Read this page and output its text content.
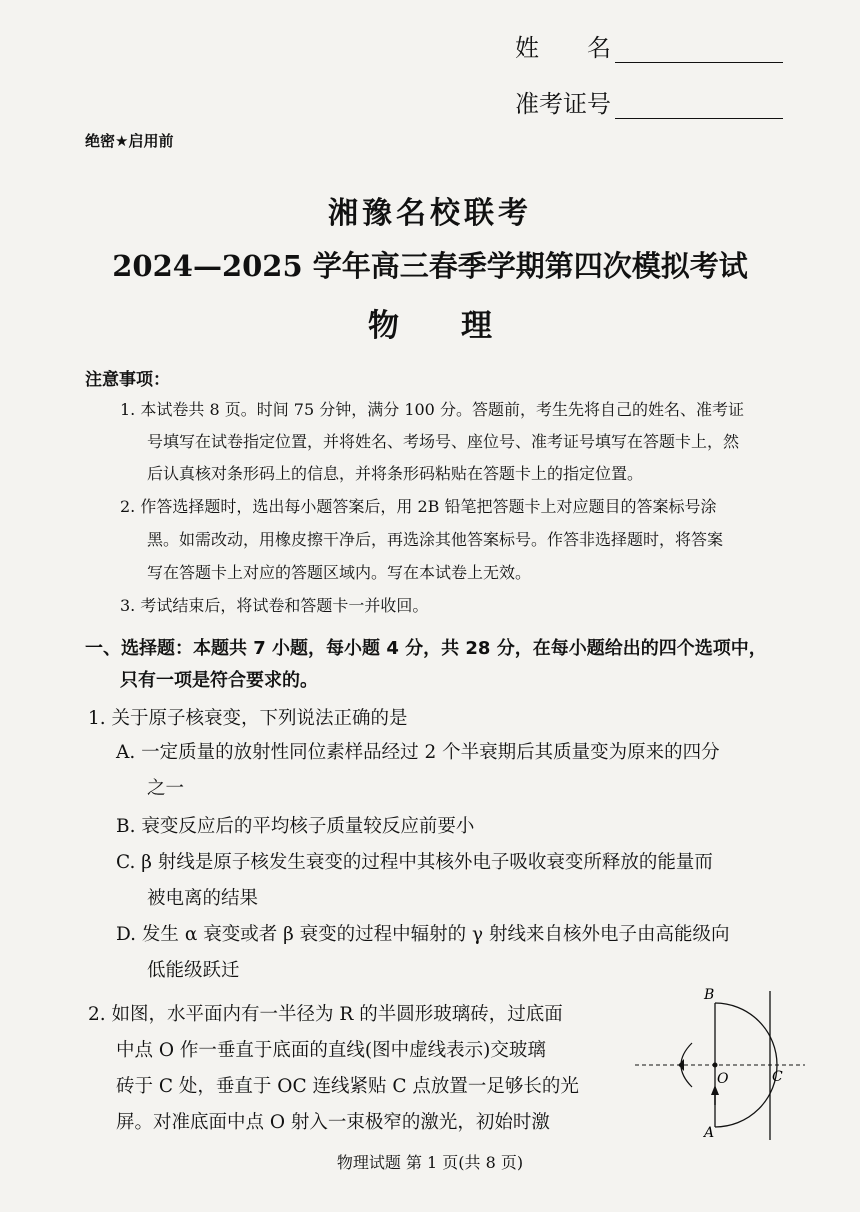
姓　　名
准考证号
绝密★启用前
湘豫名校联考
2024—2025 学年高三春季学期第四次模拟考试
物　　理
注意事项：
1. 本试卷共 8 页。时间 75 分钟，满分 100 分。答题前，考生先将自己的姓名、准考证
号填写在试卷指定位置，并将姓名、考场号、座位号、准考证号填写在答题卡上，然
后认真核对条形码上的信息，并将条形码粘贴在答题卡上的指定位置。
2. 作答选择题时，选出每小题答案后，用 2B 铅笔把答题卡上对应题目的答案标号涂
黑。如需改动，用橡皮擦干净后，再选涂其他答案标号。作答非选择题时，将答案
写在答题卡上对应的答题区域内。写在本试卷上无效。
3. 考试结束后，将试卷和答题卡一并收回。
一、选择题：本题共 7 小题，每小题 4 分，共 28 分，在每小题给出的四个选项中，
只有一项是符合要求的。
1. 关于原子核衰变，下列说法正确的是
A. 一定质量的放射性同位素样品经过 2 个半衰期后其质量变为原来的四分
之一
B. 衰变反应后的平均核子质量较反应前要小
C. β 射线是原子核发生衰变的过程中其核外电子吸收衰变所释放的能量而
被电离的结果
D. 发生 α 衰变或者 β 衰变的过程中辐射的 γ 射线来自核外电子由高能级向
低能级跃迁
2. 如图，水平面内有一半径为 R 的半圆形玻璃砖，过底面
中点 O 作一垂直于底面的直线(图中虚线表示)交玻璃
砖于 C 处，垂直于 OC 连线紧贴 C 点放置一足够长的光
屏。对准底面中点 O 射入一束极窄的激光，初始时激
B
O	C
A
物理试题 第 1 页(共 8 页)
